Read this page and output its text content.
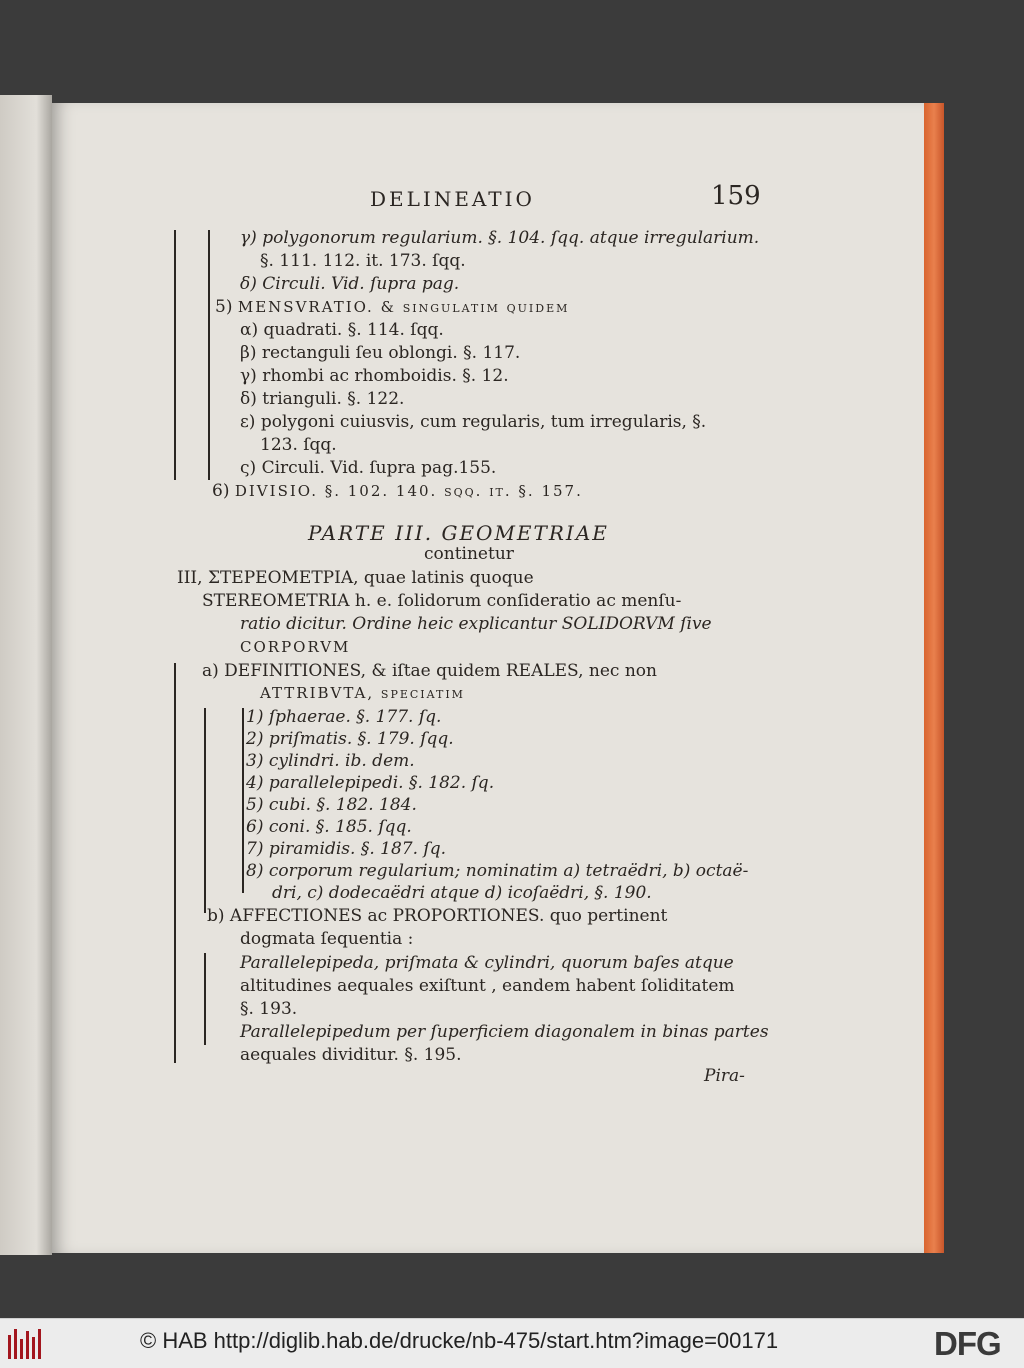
DELINEATIO	159
γ) polygonorum regularium. §. 104. ſqq. atque irregularium.
§. 111. 112. it. 173. ſqq.
δ) Circuli. Vid. ſupra pag.
5) MENSVRATIO. & ſingulatim quidem
α) quadrati. §. 114. ſqq.
β) rectanguli ſeu oblongi. §. 117.
γ) rhombi ac rhomboidis. §. 12.
δ) trianguli. §. 122.
ε) polygoni cuiusvis, cum regularis, tum irregularis, §.
123. ſqq.
ς) Circuli. Vid. ſupra pag.155.
6) DIVISIO. §. 102. 140. ſqq. it. §. 157.
PARTE III. GEOMETRIAE
continetur
III, ΣΤΕΡΕΟΜΕΤΡΙΑ, quae latinis quoque
STEREOMETRIA h. e. ſolidorum conſideratio ac menſu-
ratio dicitur. Ordine heic explicantur SOLIDORVM ſive
CORPORVM
a) DEFINITIONES, & iſtae quidem REALES, nec non
ATTRIBVTA, ſpeciatim
1) ſphaerae. §. 177. ſq.
2) priſmatis. §. 179. ſqq.
3) cylindri. ib. dem.
4) parallelepipedi. §. 182. ſq.
5) cubi. §. 182. 184.
6) coni. §. 185. ſqq.
7) piramidis. §. 187. ſq.
8) corporum regularium; nominatim a) tetraëdri, b) octaë-
dri, c) dodecaëdri atque d) icoſaëdri, §. 190.
b) AFFECTIONES ac PROPORTIONES. quo pertinent
dogmata ſequentia :
Parallelepipeda, priſmata & cylindri, quorum baſes atque
altitudines aequales exiſtunt , eandem habent ſoliditatem
§. 193.
Parallelepipedum per ſuperficiem diagonalem in binas partes
aequales dividitur. §. 195.
Pira-
© HAB http://diglib.hab.de/drucke/nb-475/start.htm?image=00171	DFG
